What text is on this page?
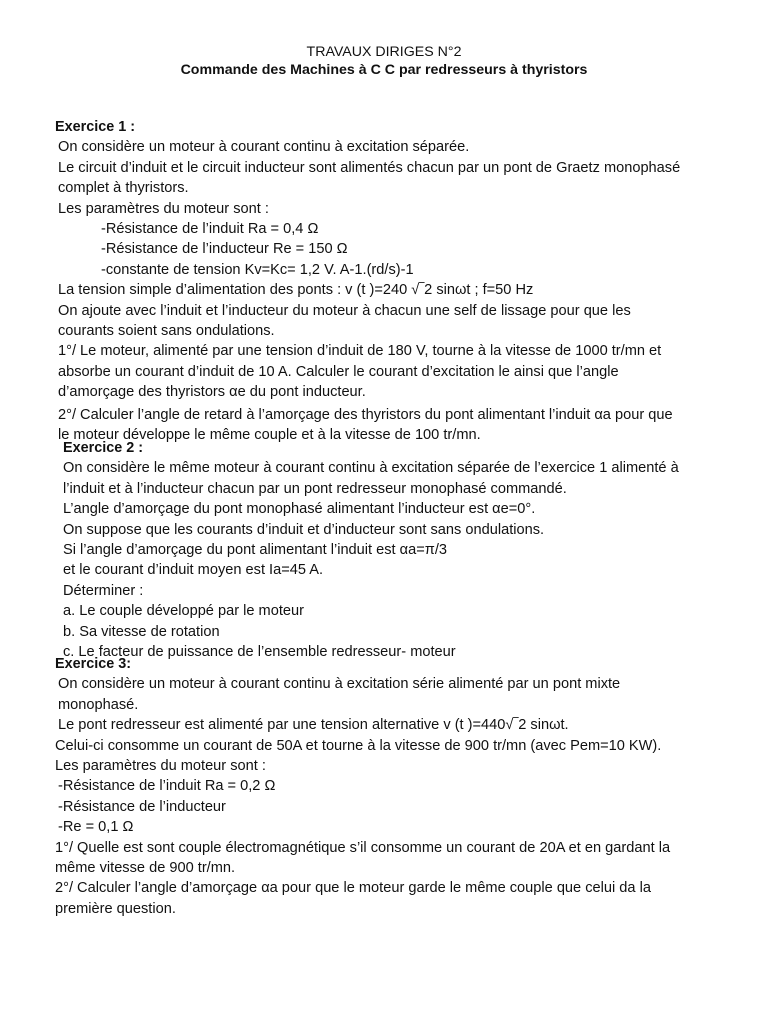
TRAVAUX DIRIGES N°2
Commande des Machines à C C par redresseurs à thyristors
Exercice 1 :
On considère un moteur à courant continu à excitation séparée.
Le circuit d’induit et le circuit inducteur sont alimentés chacun par un pont de Graetz monophasé
complet à thyristors.
Les paramètres du moteur sont :
-Résistance de l’induit Ra = 0,4 Ω
-Résistance de l’inducteur Re = 150 Ω
-constante de tension Kv=Kc= 1,2 V. A-1.(rd/s)-1
La tension simple d’alimentation des ponts : v (t )=240 √‾2 sinωt ; f=50 Hz
On ajoute avec l’induit et l’inducteur du moteur à chacun une self de lissage pour que les
courants soient sans ondulations.
1°/ Le moteur, alimenté par une tension d’induit de 180 V, tourne à la vitesse de 1000 tr/mn et
absorbe un courant d’induit de 10 A. Calculer le courant d’excitation le ainsi que l’angle
d’amorçage des thyristors αe du pont inducteur.
2°/ Calculer l’angle de retard à l’amorçage des thyristors du pont alimentant l’induit αa pour que
le moteur développe le même couple et à la vitesse de 100 tr/mn.
Exercice 2 :
On considère le même moteur à courant continu à excitation séparée de l’exercice 1 alimenté à
l’induit et à l’inducteur chacun par un pont redresseur monophasé commandé.
L’angle d’amorçage du pont monophasé alimentant l’inducteur est αe=0°.
On suppose que les courants d’induit et d’inducteur sont sans ondulations.
Si l’angle d’amorçage du pont alimentant l’induit est αa=π/3
et le courant d’induit moyen est Ia=45 A.
Déterminer :
a. Le couple développé par le moteur
b. Sa vitesse de rotation
c. Le facteur de puissance de l’ensemble redresseur- moteur
Exercice 3:
On considère un moteur à courant continu à excitation série alimenté par un pont mixte
monophasé.
Le pont redresseur est alimenté par une tension alternative v (t )=440√‾2 sinωt.
Celui-ci consomme un courant de 50A et tourne à la vitesse de 900 tr/mn (avec Pem=10 KW).
Les paramètres du moteur sont :
-Résistance de l’induit Ra = 0,2 Ω
-Résistance de l’inducteur
-Re = 0,1 Ω
1°/ Quelle est sont couple électromagnétique s’il consomme un courant de 20A et en gardant la
même vitesse de 900 tr/mn.
2°/ Calculer l’angle d’amorçage αa pour que le moteur garde le même couple que celui da la
première question.
